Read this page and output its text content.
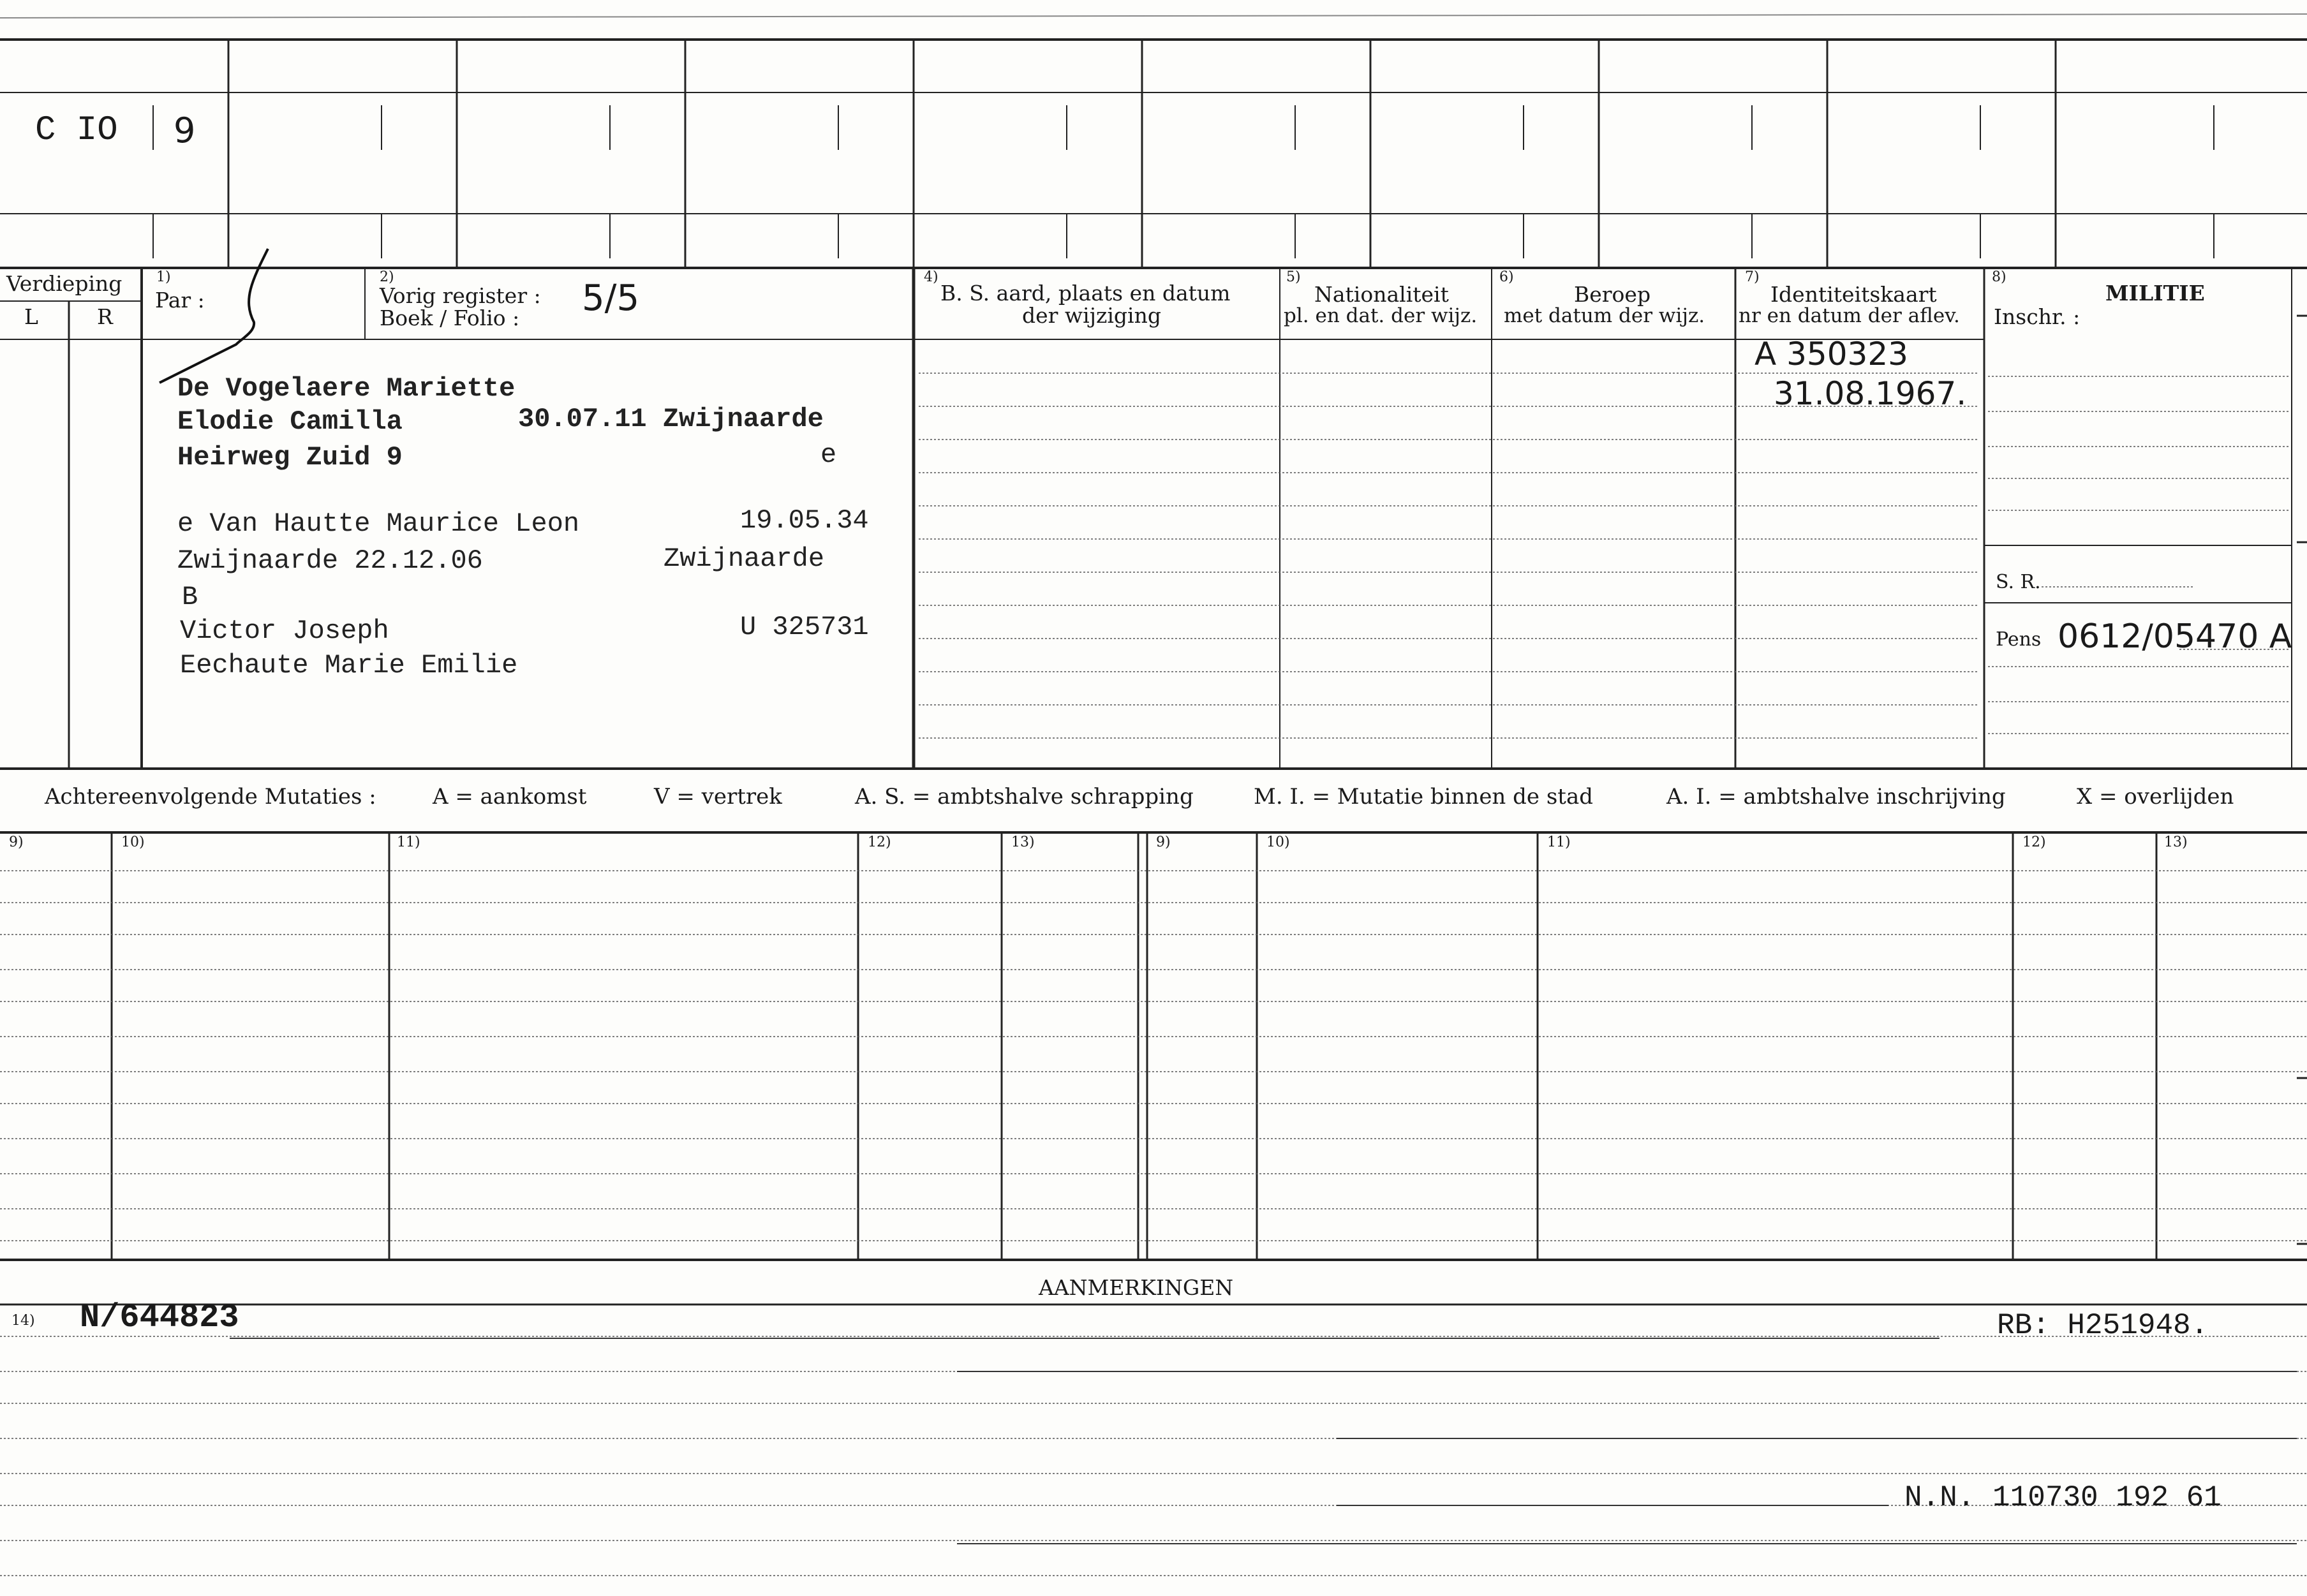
C IO 9
Verdieping
L	R
1)
Par :
2)
Vorig register :
Boek / Folio : 5/5
4)
B. S. aard, plaats en datum
der wijziging
5)
Nationaliteit
pl. en dat. der wijz.
6)
Beroep
met datum der wijz.
7)
Identiteitskaart
nr en datum der aflev.
8)
MILITIE
Inschr. :
S. R.
Pens 0612/05470 A
De Vogelaere Mariette
Elodie Camilla	30.07.11 Zwijnaarde
Heirweg Zuid 9	e
e Van Hautte Maurice Leon	19.05.34
Zwijnaarde 22.12.06	Zwijnaarde
B
Victor Joseph	U 325731
Eechaute Marie Emilie
A 350323
31.08.1967.
Achtereenvolgende Mutaties :	A = aankomst	V = vertrek	A. S. = ambtshalve schrapping	M. I. = Mutatie binnen de stad	A. I. = ambtshalve inschrijving	X = overlijden
9)	10)	11)	12)	13)	9)	10)	11)	12)	13)
AANMERKINGEN
14) N/644823	RB: H251948.
N.N. 110730 192 61
